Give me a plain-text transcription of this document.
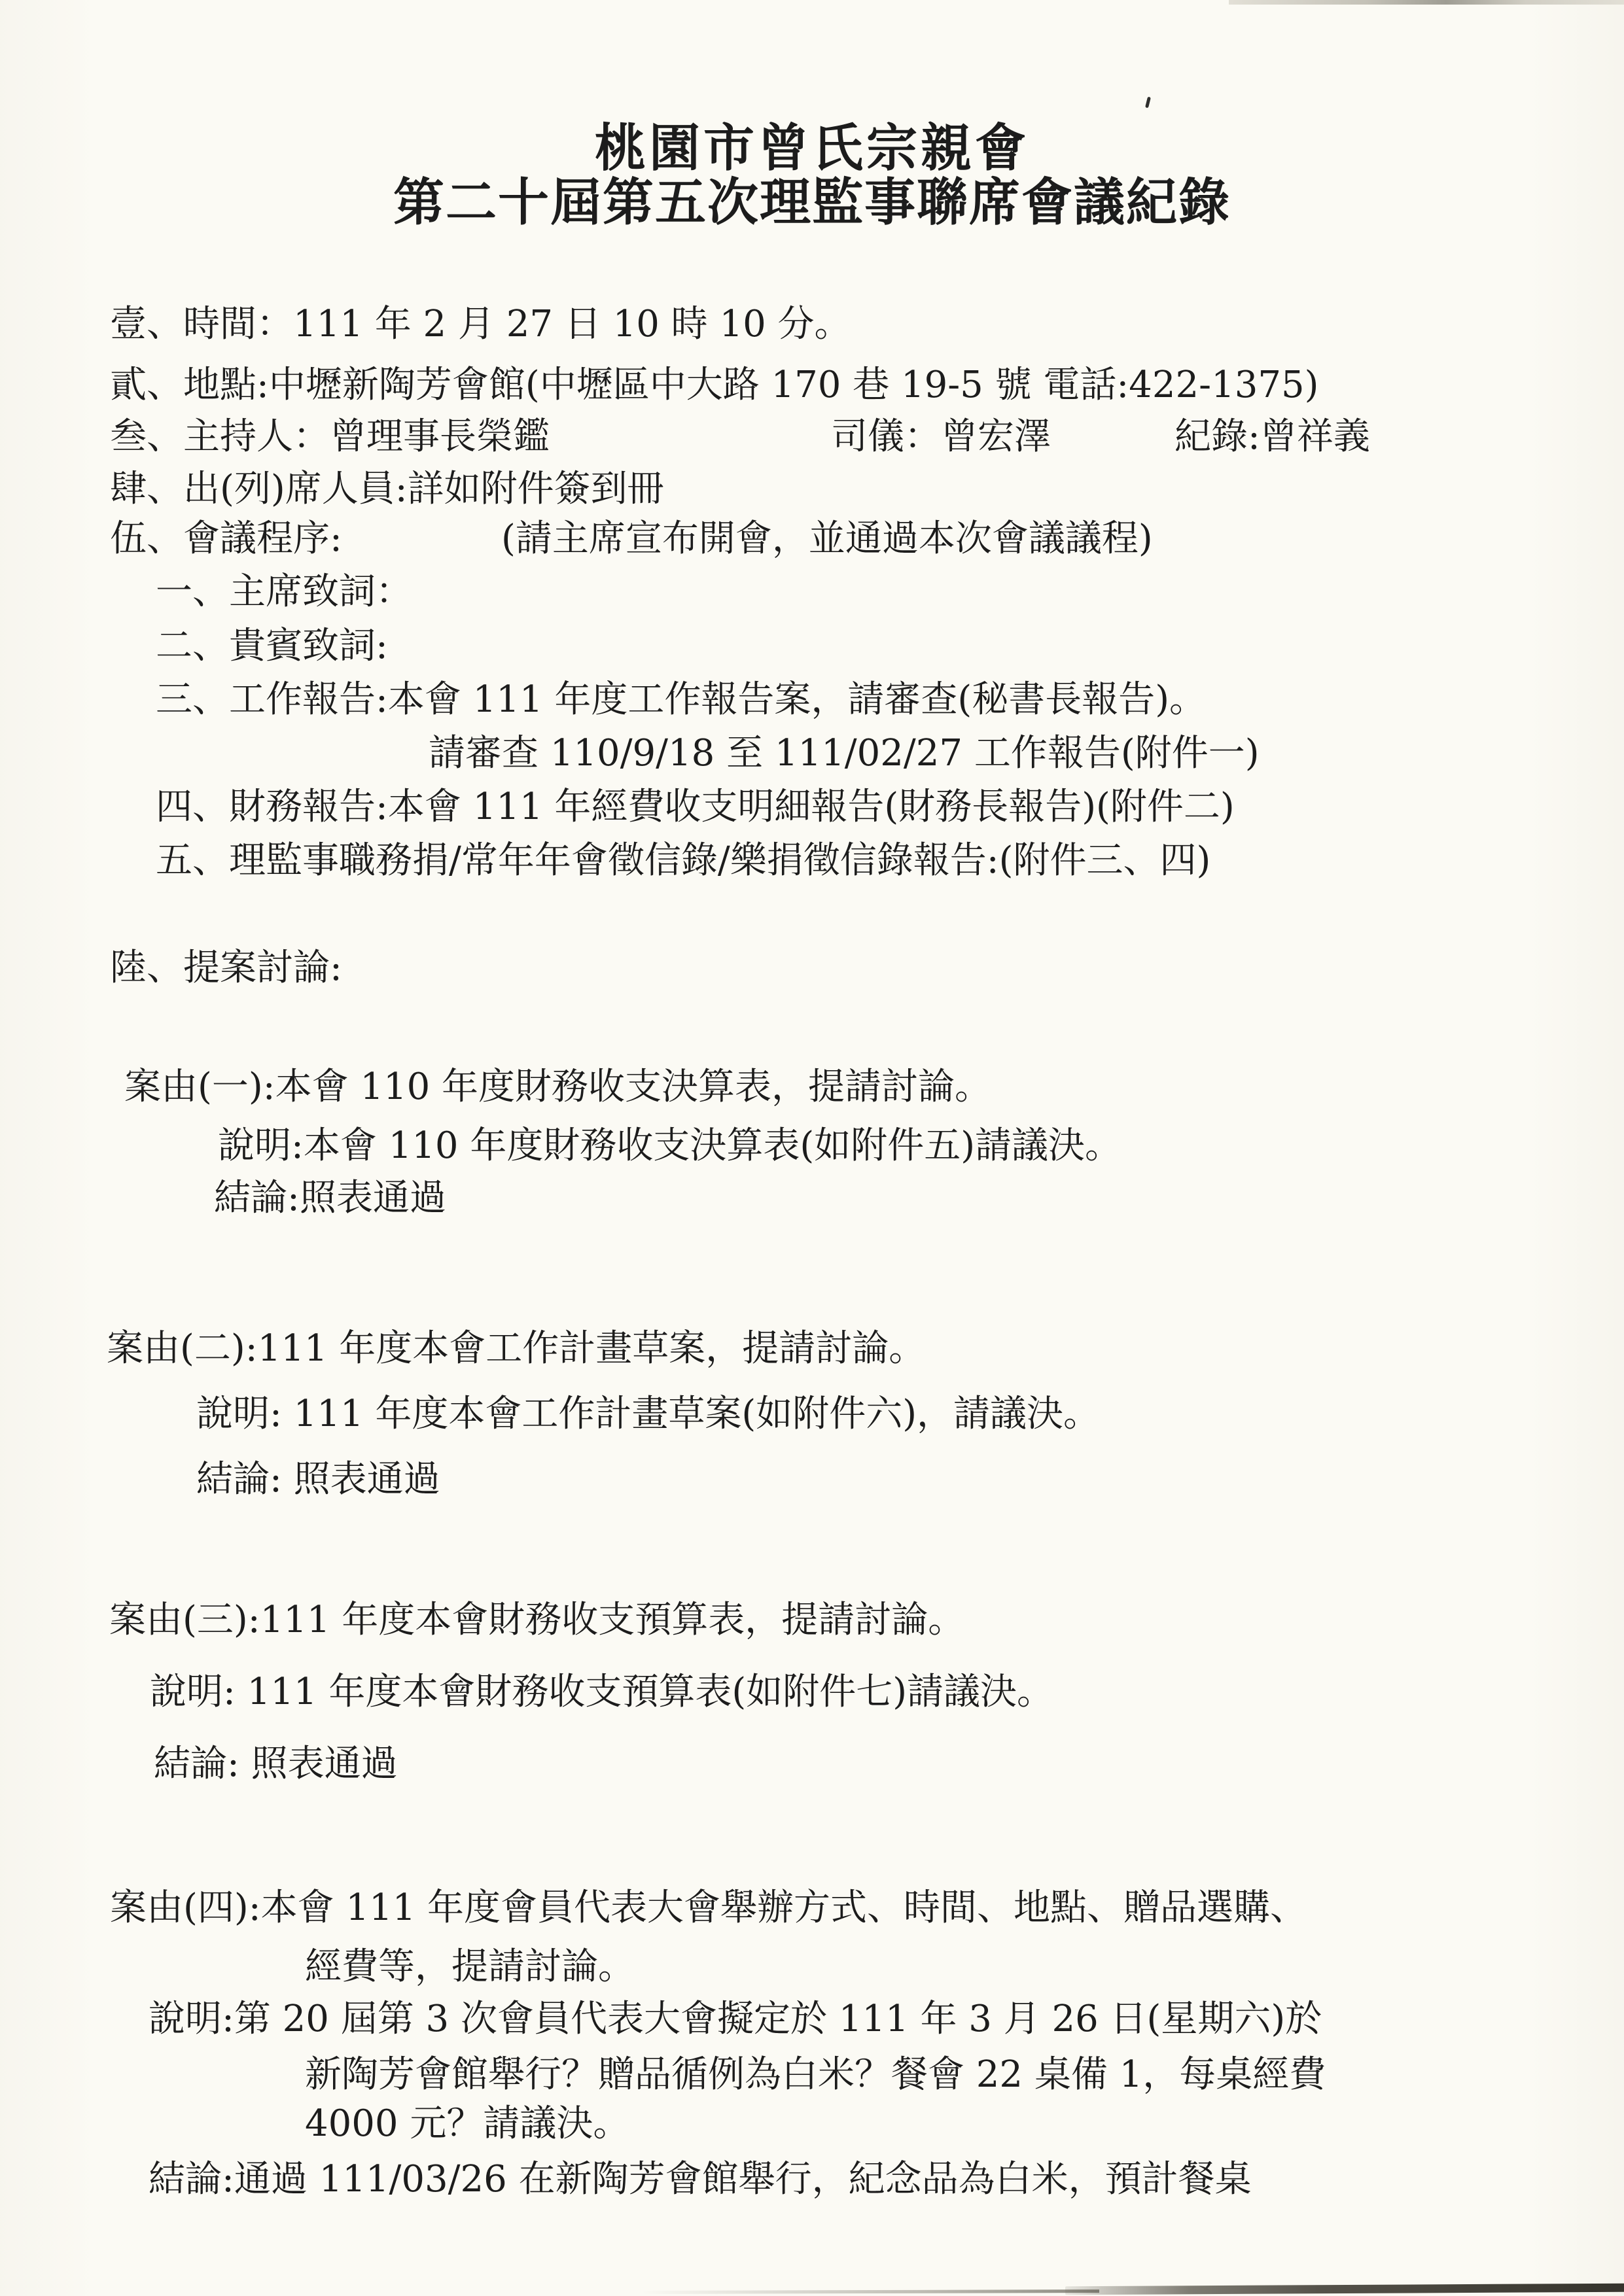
桃園市曾氏宗親會
第二十屆第五次理監事聯席會議紀錄
壹、時間：111 年 2 月 27 日 10 時 10 分。
貳、地點:中壢新陶芳會館(中壢區中大路 170 巷 19-5 號 電話:422-1375)
叁、主持人：曾理事長榮鑑	司儀：曾宏澤	紀錄:曾祥義
肆、出(列)席人員:詳如附件簽到冊
伍、會議程序:	(請主席宣布開會，並通過本次會議議程)
一、主席致詞：
二、貴賓致詞:
三、工作報告:本會 111 年度工作報告案，請審查(秘書長報告)。
請審查 110/9/18 至 111/02/27 工作報告(附件一)
四、財務報告:本會 111 年經費收支明細報告(財務長報告)(附件二)
五、理監事職務捐/常年年會徵信錄/樂捐徵信錄報告:(附件三、四)
陸、提案討論:
案由(一):本會 110 年度財務收支決算表，提請討論。
說明:本會 110 年度財務收支決算表(如附件五)請議決。
結論:照表通過
案由(二):111 年度本會工作計畫草案，提請討論。
說明: 111 年度本會工作計畫草案(如附件六)，請議決。
結論: 照表通過
案由(三):111 年度本會財務收支預算表，提請討論。
說明: 111 年度本會財務收支預算表(如附件七)請議決。
結論: 照表通過
案由(四):本會 111 年度會員代表大會舉辦方式、時間、地點、贈品選購、
經費等，提請討論。
說明:第 20 屆第 3 次會員代表大會擬定於 111 年 3 月 26 日(星期六)於
新陶芳會館舉行？贈品循例為白米？餐會 22 桌備 1，每桌經費
4000 元？請議決。
結論:通過 111/03/26 在新陶芳會館舉行，紀念品為白米，預計餐桌
